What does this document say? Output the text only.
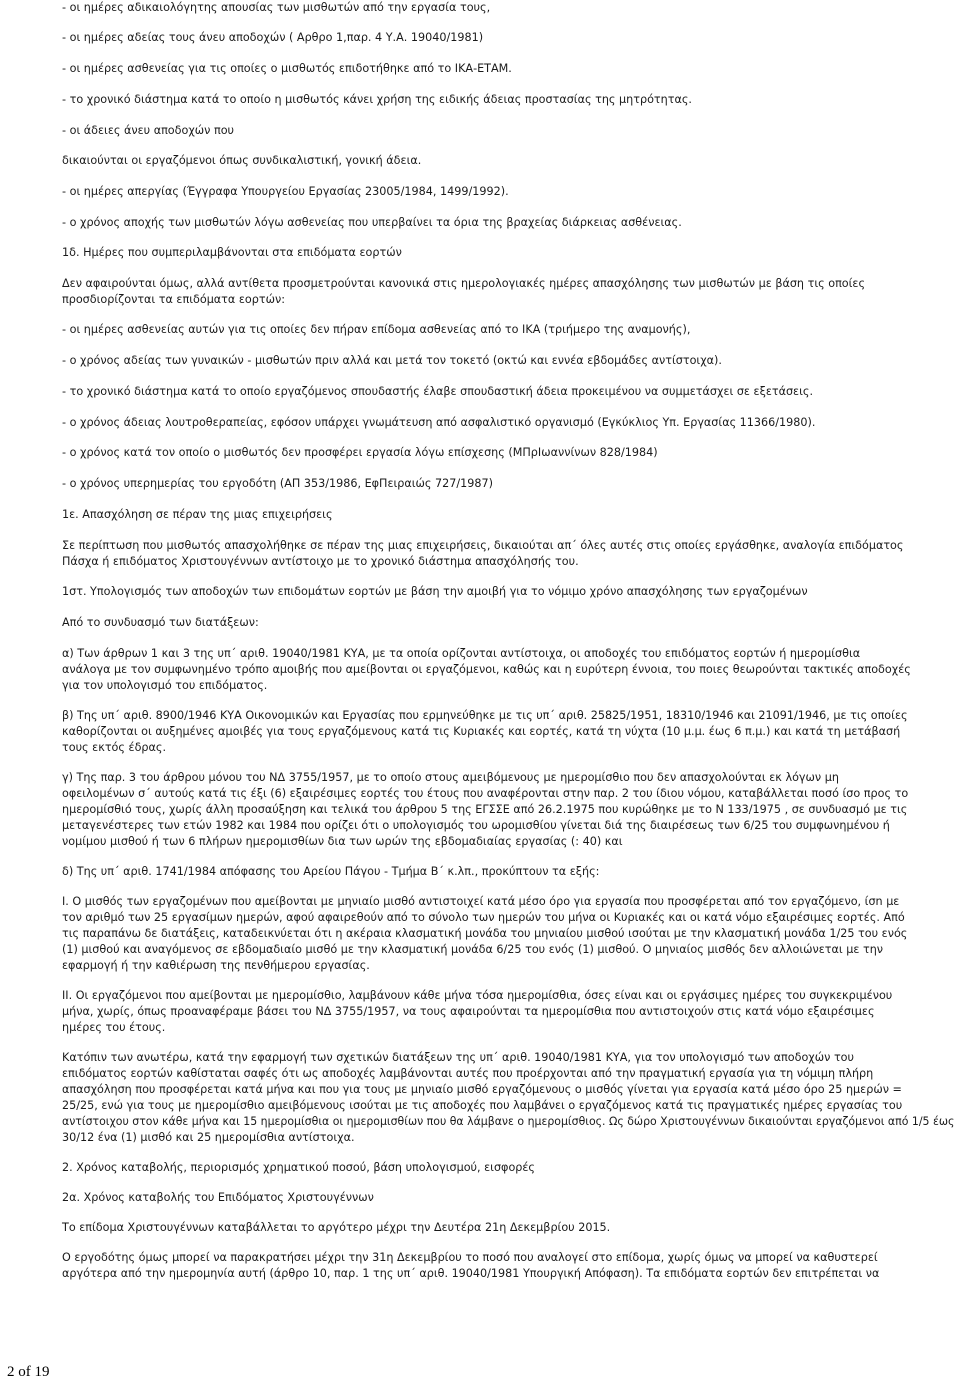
- οι ημέρες αδικαιολόγητης απουσίας των μισθωτών από την εργασία τους,
- οι ημέρες αδείας τους άνευ αποδοχών ( Αρθρο 1,παρ. 4 Υ.Α. 19040/1981)
- οι ημέρες ασθενείας για τις οποίες ο μισθωτός επιδοτήθηκε από το ΙΚΑ-ΕΤΑΜ.
- το χρονικό διάστημα κατά το οποίο η μισθωτός κάνει χρήση της ειδικής άδειας προστασίας της μητρότητας.
- οι άδειες άνευ αποδοχών που
δικαιούνται οι εργαζόμενοι όπως συνδικαλιστική, γονική άδεια.
- οι ημέρες απεργίας (Έγγραφα Υπουργείου Εργασίας 23005/1984, 1499/1992).
- ο χρόνος αποχής των μισθωτών λόγω ασθενείας που υπερβαίνει τα όρια της βραχείας διάρκειας ασθένειας.
1δ. Ημέρες που συμπεριλαμβάνονται στα επιδόματα εορτών
Δεν αφαιρούνται όμως, αλλά αντίθετα προσμετρούνται κανονικά στις ημερολογιακές ημέρες απασχόλησης των μισθωτών με βάση τις οποίες
προσδιορίζονται τα επιδόματα εορτών:
- οι ημέρες ασθενείας αυτών για τις οποίες δεν πήραν επίδομα ασθενείας από το ΙΚΑ (τριήμερο της αναμονής),
- ο χρόνος αδείας των γυναικών - μισθωτών πριν αλλά και μετά τον τοκετό (οκτώ και εννέα εβδομάδες αντίστοιχα).
- το χρονικό διάστημα κατά το οποίο εργαζόμενος σπουδαστής έλαβε σπουδαστική άδεια προκειμένου να συμμετάσχει σε εξετάσεις.
- ο χρόνος άδειας λουτροθεραπείας, εφόσον υπάρχει γνωμάτευση από ασφαλιστικό οργανισμό (Εγκύκλιος Υπ. Εργασίας 11366/1980).
- ο χρόνος κατά τον οποίο ο μισθωτός δεν προσφέρει εργασία λόγω επίσχεσης (ΜΠρΙωαννίνων 828/1984)
- ο χρόνος υπερημερίας του εργοδότη (ΑΠ 353/1986, ΕφΠειραιώς 727/1987)
1ε. Απασχόληση σε πέραν της μιας επιχειρήσεις
Σε περίπτωση που μισθωτός απασχολήθηκε σε πέραν της μιας επιχειρήσεις, δικαιούται απ΄ όλες αυτές στις οποίες εργάσθηκε, αναλογία επιδόματος
Πάσχα ή επιδόματος Χριστουγέννων αντίστοιχο με το χρονικό διάστημα απασχόλησής του.
1στ. Υπολογισμός των αποδοχών των επιδομάτων εορτών με βάση την αμοιβή για το νόμιμο χρόνο απασχόλησης των εργαζομένων
Από το συνδυασμό των διατάξεων:
α) Των άρθρων 1 και 3 της υπ΄ αριθ. 19040/1981 ΚΥΑ, με τα οποία ορίζονται αντίστοιχα, οι αποδοχές του επιδόματος εορτών ή ημερομίσθια
ανάλογα με τον συμφωνημένο τρόπο αμοιβής που αμείβονται οι εργαζόμενοι, καθώς και η ευρύτερη έννοια, του ποιες θεωρούνται τακτικές αποδοχές
για τον υπολογισμό του επιδόματος.
β) Της υπ΄ αριθ. 8900/1946 ΚΥΑ Οικονομικών και Εργασίας που ερμηνεύθηκε με τις υπ΄ αριθ. 25825/1951, 18310/1946 και 21091/1946, με τις οποίες
καθορίζονται οι αυξημένες αμοιβές για τους εργαζόμενους κατά τις Κυριακές και εορτές, κατά τη νύχτα (10 μ.μ. έως 6 π.μ.) και κατά τη μετάβασή
τους εκτός έδρας.
γ) Της παρ. 3 του άρθρου μόνου του ΝΔ 3755/1957, με το οποίο στους αμειβόμενους με ημερομίσθιο που δεν απασχολούνται εκ λόγων μη
οφειλομένων σ΄ αυτούς κατά τις έξι (6) εξαιρέσιμες εορτές του έτους που αναφέρονται στην παρ. 2 του ίδιου νόμου, καταβάλλεται ποσό ίσο προς το
ημερομίσθιό τους, χωρίς άλλη προσαύξηση και τελικά του άρθρου 5 της ΕΓΣΣΕ από 26.2.1975 που κυρώθηκε με το Ν 133/1975 , σε συνδυασμό με τις
μεταγενέστερες των ετών 1982 και 1984 που ορίζει ότι ο υπολογισμός του ωρομισθίου γίνεται διά της διαιρέσεως των 6/25 του συμφωνημένου ή
νομίμου μισθού ή των 6 πλήρων ημερομισθίων δια των ωρών της εβδομαδιαίας εργασίας (: 40) και
δ) Της υπ΄ αριθ. 1741/1984 απόφασης του Αρείου Πάγου - Τμήμα Β΄ κ.λπ., προκύπτουν τα εξής:
Ι. Ο μισθός των εργαζομένων που αμείβονται με μηνιαίο μισθό αντιστοιχεί κατά μέσο όρο για εργασία που προσφέρεται από τον εργαζόμενο, ίσn με
τον αριθμό των 25 εργασίμων ημερών, αφού αφαιρεθούν από το σύνολο των ημερών του μήνα οι Κυριακές και οι κατά νόμο εξαιρέσιμες εορτές. Από
τις παραπάνω δε διατάξεις, καταδεικνύεται ότι η ακέραια κλασματική μονάδα του μηνιαίου μισθού ισούται με την κλασματική μονάδα 1/25 του ενός
(1) μισθού και αναγόμενος σε εβδομαδιαίο μισθό με την κλασματική μονάδα 6/25 του ενός (1) μισθού. Ο μηνιαίος μισθός δεν αλλοιώνεται με την
εφαρμογή ή την καθιέρωση της πενθήμερου εργασίας.
ΙΙ. Οι εργαζόμενοι που αμείβονται με ημερομίσθιο, λαμβάνουν κάθε μήνα τόσα ημερομίσθια, όσες είναι και οι εργάσιμες ημέρες του συγκεκριμένου
μήνα, χωρίς, όπως προαναφέραμε βάσει του ΝΔ 3755/1957, να τους αφαιρούνται τα ημερομίσθια που αντιστοιχούν στις κατά νόμο εξαιρέσιμες
ημέρες του έτους.
Κατόπιν των ανωτέρω, κατά την εφαρμογή των σχετικών διατάξεων της υπ΄ αριθ. 19040/1981 ΚΥΑ, για τον υπολογισμό των αποδοχών του
επιδόματος εορτών καθίσταται σαφές ότι ως αποδοχές λαμβάνονται αυτές που προέρχονται από την πραγματική εργασία για τη νόμιμη πλήρη
απασχόληση που προσφέρεται κατά μήνα και που για τους με μηνιαίο μισθό εργαζόμενους ο μισθός γίνεται για εργασία κατά μέσο όρο 25 ημερών =
25/25, ενώ για τους με ημερομίσθιο αμειβόμενους ισούται με τις αποδοχές που λαμβάνει ο εργαζόμενος κατά τις πραγματικές ημέρες εργασίας του
αντίστοιχου στον κάθε μήνα και 15 ημερομίσθια οι ημερομισθίων που θα λάμβανε ο ημερομίσθιος. Ως δώρο Χριστουγέννων δικαιούνται εργαζόμενοι από 1/5 έως
30/12 ένα (1) μισθό και 25 ημερομίσθια αντίστοιχα.
2. Χρόνος καταβολής, περιορισμός χρηματικού ποσού, βάση υπολογισμού, εισφορές
2α. Χρόνος καταβολής του Επιδόματος Χριστουγέννων
Το επίδομα Χριστουγέννων καταβάλλεται το αργότερο μέχρι την Δευτέρα 21η Δεκεμβρίου 2015.
Ο εργοδότης όμως μπορεί να παρακρατήσει μέχρι την 31η Δεκεμβρίου το ποσό που αναλογεί στο επίδομα, χωρίς όμως να μπορεί να καθυστερεί
αργότερα από την ημερομηνία αυτή (άρθρο 10, παρ. 1 της υπ΄ αριθ. 19040/1981 Υπουργική Απόφαση). Τα επιδόματα εορτών δεν επιτρέπεται να
2 of 19
